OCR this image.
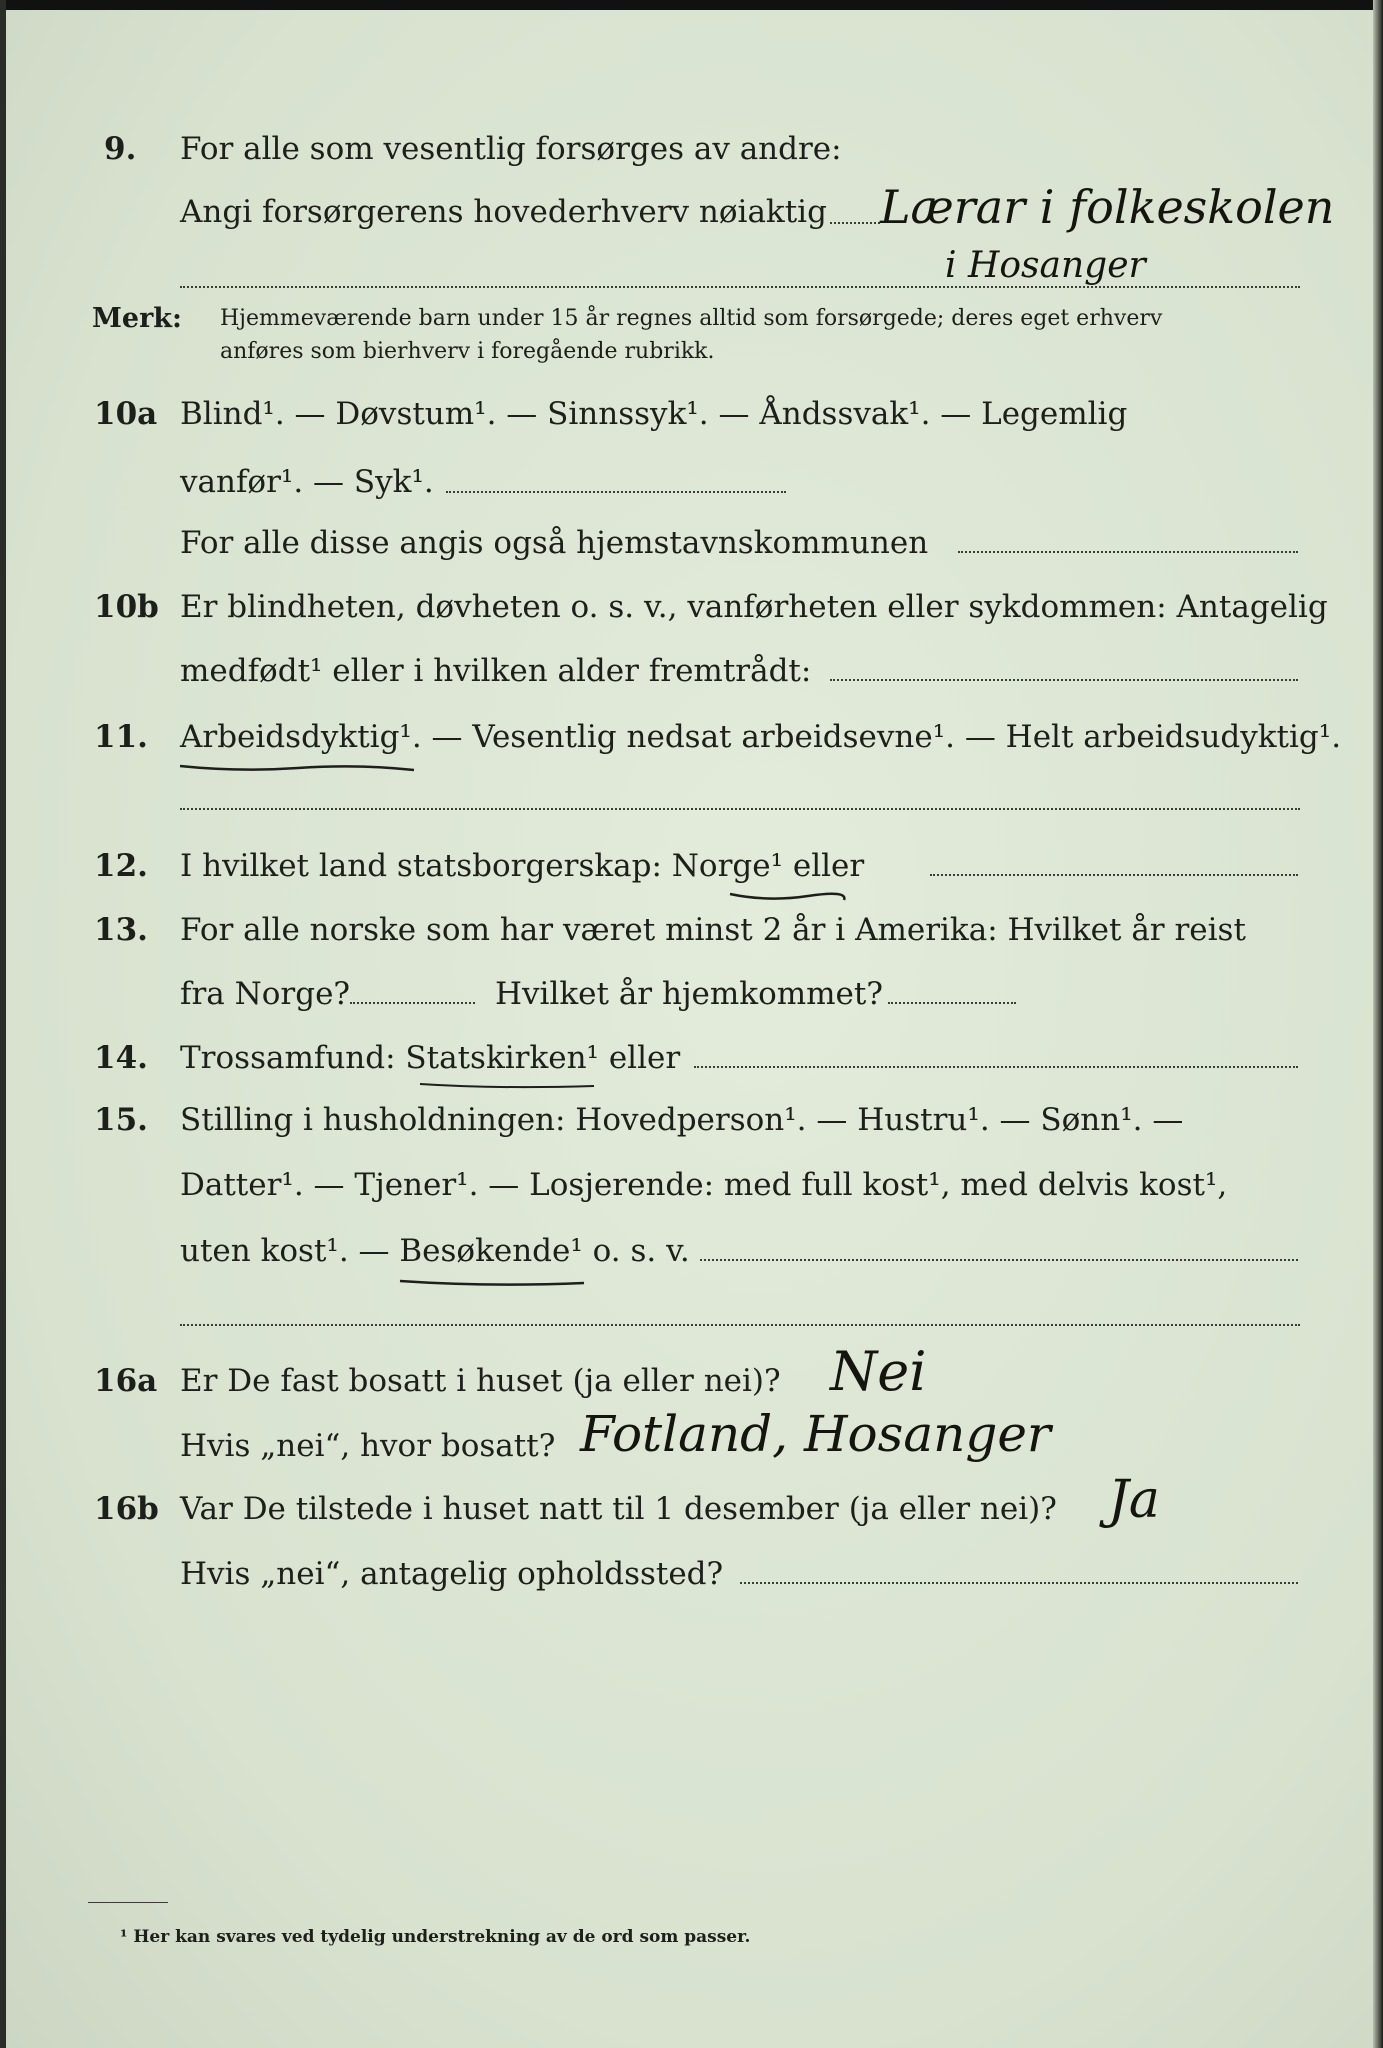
9. For alle som vesentlig forsørges av andre:
Angi forsørgerens hovederhverv nøiaktig Lærar i folkeskolen
i Hosanger
Merk: Hjemmeværende barn under 15 år regnes alltid som forsørgede; deres eget erhverv
anføres som bierhverv i foregående rubrikk.
10a Blind¹. — Døvstum¹. — Sinnssyk¹. — Åndssvak¹. — Legemlig
vanfør¹. — Syk¹.
For alle disse angis også hjemstavnskommunen
10b Er blindheten, døvheten o. s. v., vanførheten eller sykdommen: Antagelig
medfødt¹ eller i hvilken alder fremtrådt:
11. Arbeidsdyktig¹. — Vesentlig nedsat arbeidsevne¹. — Helt arbeidsudyktig¹.
12. I hvilket land statsborgerskap: Norge¹ eller
13. For alle norske som har været minst 2 år i Amerika: Hvilket år reist
fra Norge?	Hvilket år hjemkommet?
14. Trossamfund: Statskirken¹ eller
15. Stilling i husholdningen: Hovedperson¹. — Hustru¹. — Sønn¹. —
Datter¹. — Tjener¹. — Losjerende: med full kost¹, med delvis kost¹,
uten kost¹. — Besøkende¹ o. s. v.
16a Er De fast bosatt i huset (ja eller nei)? Nei
Hvis „nei“, hvor bosatt? Fotland, Hosanger
16b Var De tilstede i huset natt til 1 desember (ja eller nei)? Ja
Hvis „nei“, antagelig opholdssted?
¹ Her kan svares ved tydelig understrekning av de ord som passer.
